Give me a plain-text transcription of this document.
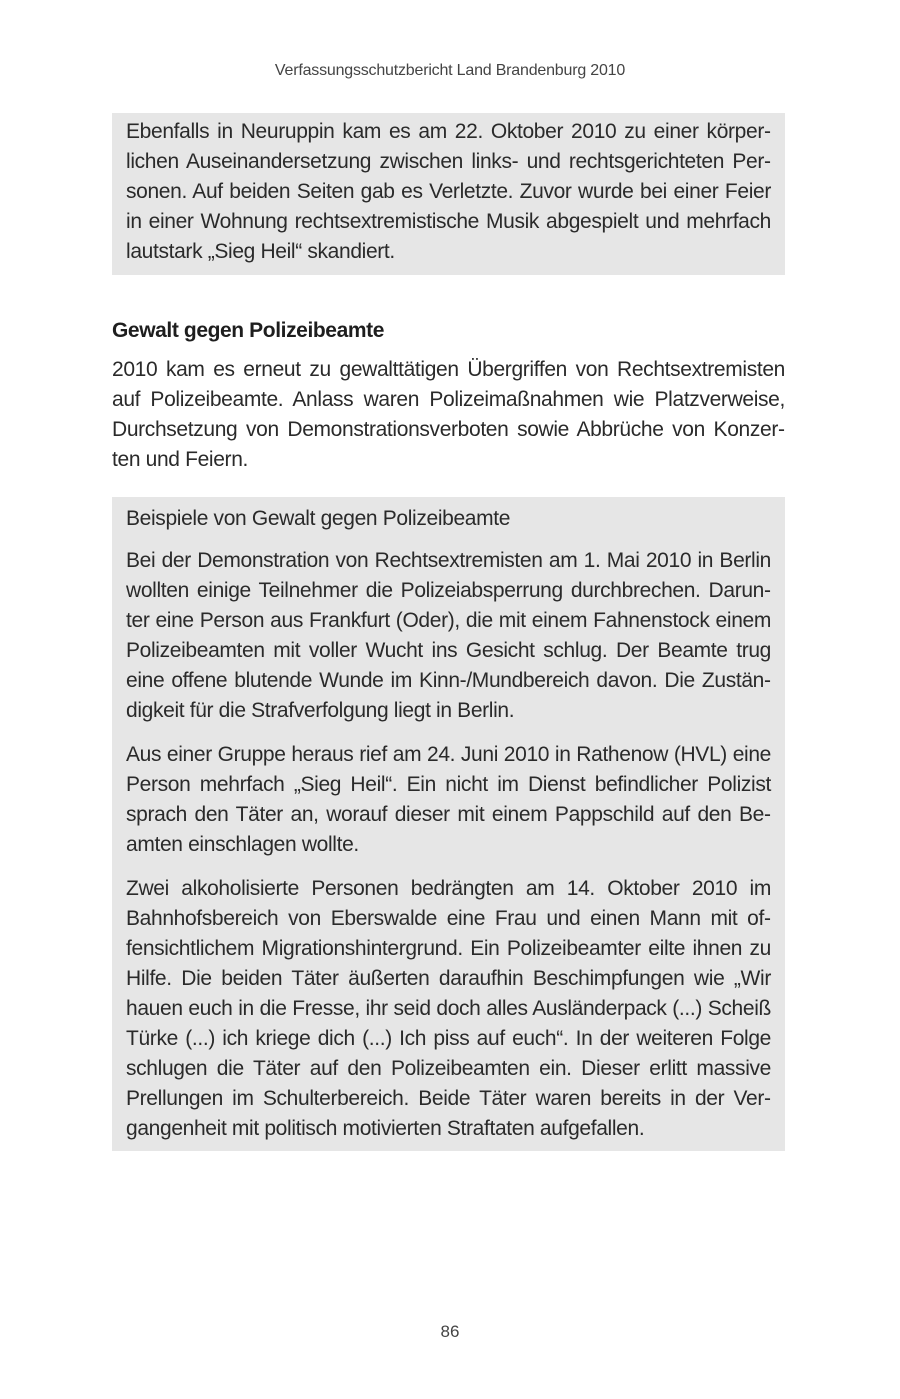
Verfassungsschutzbericht Land Brandenburg 2010

Ebenfalls in Neuruppin kam es am 22. Oktober 2010 zu einer körperlichen Auseinandersetzung zwischen links- und rechtsgerichteten Personen. Auf beiden Seiten gab es Verletzte. Zuvor wurde bei einer Feier in einer Wohnung rechtsextremistische Musik abgespielt und mehrfach lautstark „Sieg Heil“ skandiert.

Gewalt gegen Polizeibeamte

2010 kam es erneut zu gewalttätigen Übergriffen von Rechtsextremisten auf Polizeibeamte. Anlass waren Polizeimaßnahmen wie Platzverweise, Durchsetzung von Demonstrationsverboten sowie Abbrüche von Konzerten und Feiern.

Beispiele von Gewalt gegen Polizeibeamte

Bei der Demonstration von Rechtsextremisten am 1. Mai 2010 in Berlin wollten einige Teilnehmer die Polizeiabsperrung durchbrechen. Darunter eine Person aus Frankfurt (Oder), die mit einem Fahnenstock einem Polizeibeamten mit voller Wucht ins Gesicht schlug. Der Beamte trug eine offene blutende Wunde im Kinn-/Mundbereich davon. Die Zuständigkeit für die Strafverfolgung liegt in Berlin.

Aus einer Gruppe heraus rief am 24. Juni 2010 in Rathenow (HVL) eine Person mehrfach „Sieg Heil“. Ein nicht im Dienst befindlicher Polizist sprach den Täter an, worauf dieser mit einem Pappschild auf den Beamten einschlagen wollte.

Zwei alkoholisierte Personen bedrängten am 14. Oktober 2010 im Bahnhofsbereich von Eberswalde eine Frau und einen Mann mit offensichtlichem Migrationshintergrund. Ein Polizeibeamter eilte ihnen zu Hilfe. Die beiden Täter äußerten daraufhin Beschimpfungen wie „Wir hauen euch in die Fresse, ihr seid doch alles Ausländerpack (...) Scheiß Türke (...) ich kriege dich (...) Ich piss auf euch“. In der weiteren Folge schlugen die Täter auf den Polizeibeamten ein. Dieser erlitt massive Prellungen im Schulterbereich. Beide Täter waren bereits in der Vergangenheit mit politisch motivierten Straftaten aufgefallen.

86
